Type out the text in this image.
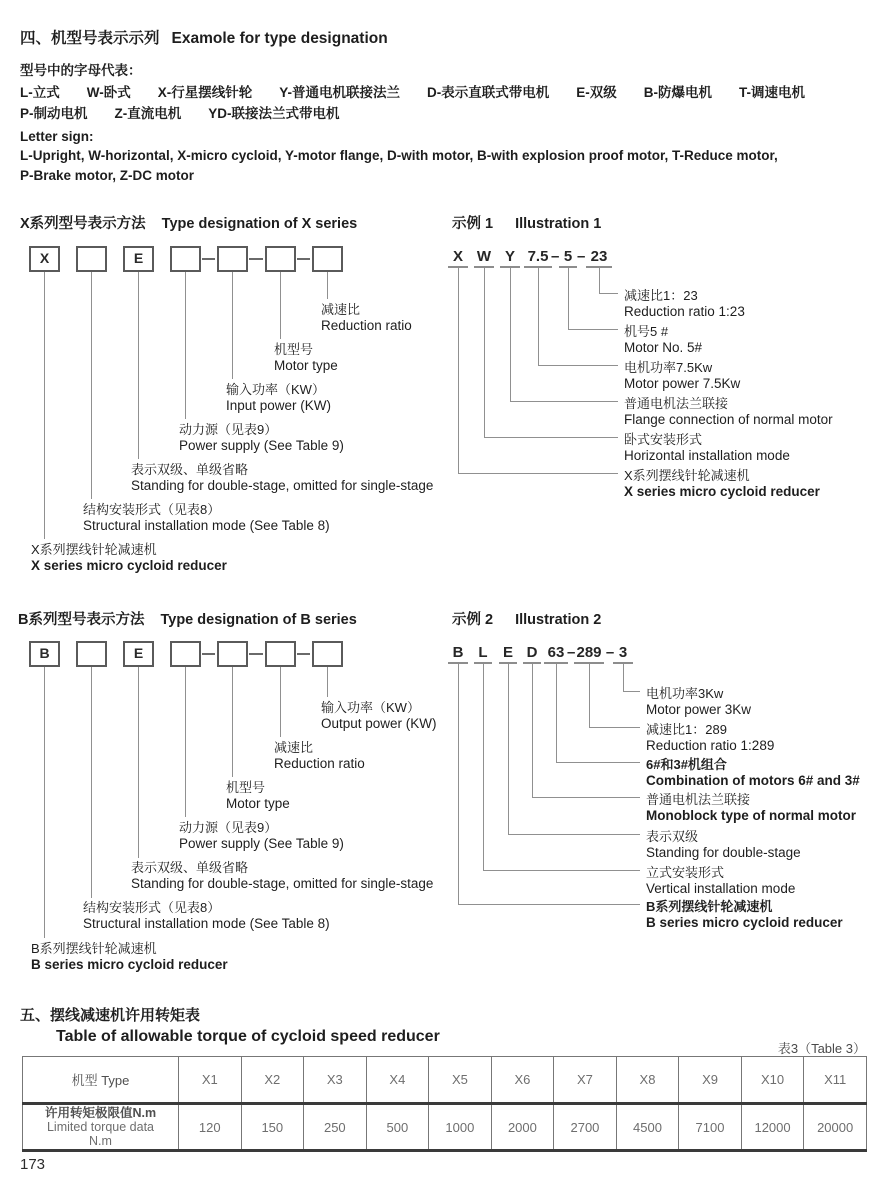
四、机型号表示示列 Examole for type designation
型号中的字母代表：
L-立式　　W-卧式　　X-行星摆线针轮　　Y-普通电机联接法兰　　D-表示直联式带电机　　E-双级　　B-防爆电机　　T-调速电机
P-制动电机　　Z-直流电机　　YD-联接法兰式带电机
Letter sign:
L-Upright, W-horizontal, X-micro cycloid, Y-motor flange, D-with motor, B-with explosion proof motor, T-Reduce motor,
P-Brake motor, Z-DC motor
X系列型号表示方法 Type designation of X series
X	E
减速比
Reduction ratio
机型号
Motor type
输入功率（KW）
Input power (KW)
动力源（见表9）
Power supply (See Table 9)
表示双级、单级省略
Standing for double-stage, omitted for single-stage
结构安装形式（见表8）
Structural installation mode (See Table 8)
X系列摆线针轮减速机
X series micro cycloid reducer
示例 1 Illustration 1
X W Y 7.5 – 5 – 23
减速比1：23
Reduction ratio 1:23
机号5 #
Motor No. 5#
电机功率7.5Kw
Motor power 7.5Kw
普通电机法兰联接
Flange connection of normal motor
卧式安装形式
Horizontal installation mode
X系列摆线针轮减速机
X series micro cycloid reducer
B系列型号表示方法 Type designation of B series
B	E
输入功率（KW）
Output power (KW)
减速比
Reduction ratio
机型号
Motor type
动力源（见表9）
Power supply (See Table 9)
表示双级、单级省略
Standing for double-stage, omitted for single-stage
结构安装形式（见表8）
Structural installation mode (See Table 8)
B系列摆线针轮减速机
B series micro cycloid reducer
示例 2 Illustration 2
B L E D 63 – 289 – 3
电机功率3Kw
Motor power 3Kw
减速比1：289
Reduction ratio 1:289
6#和3#机组合
Combination of motors 6# and 3#
普通电机法兰联接
Monoblock type of normal motor
表示双级
Standing for double-stage
立式安装形式
Vertical installation mode
B系列摆线针轮减速机
B series micro cycloid reducer
五、摆线减速机许用转矩表
Table of allowable torque of cycloid speed reducer
表3（Table 3）
机型 Type	X1	X2	X3	X4	X5	X6	X7	X8	X9	X10	X11

许用转矩极限值N.m
Limited torque data
N.m	120	150	250	500	1000	2000	2700	4500	7100	12000	20000
173
